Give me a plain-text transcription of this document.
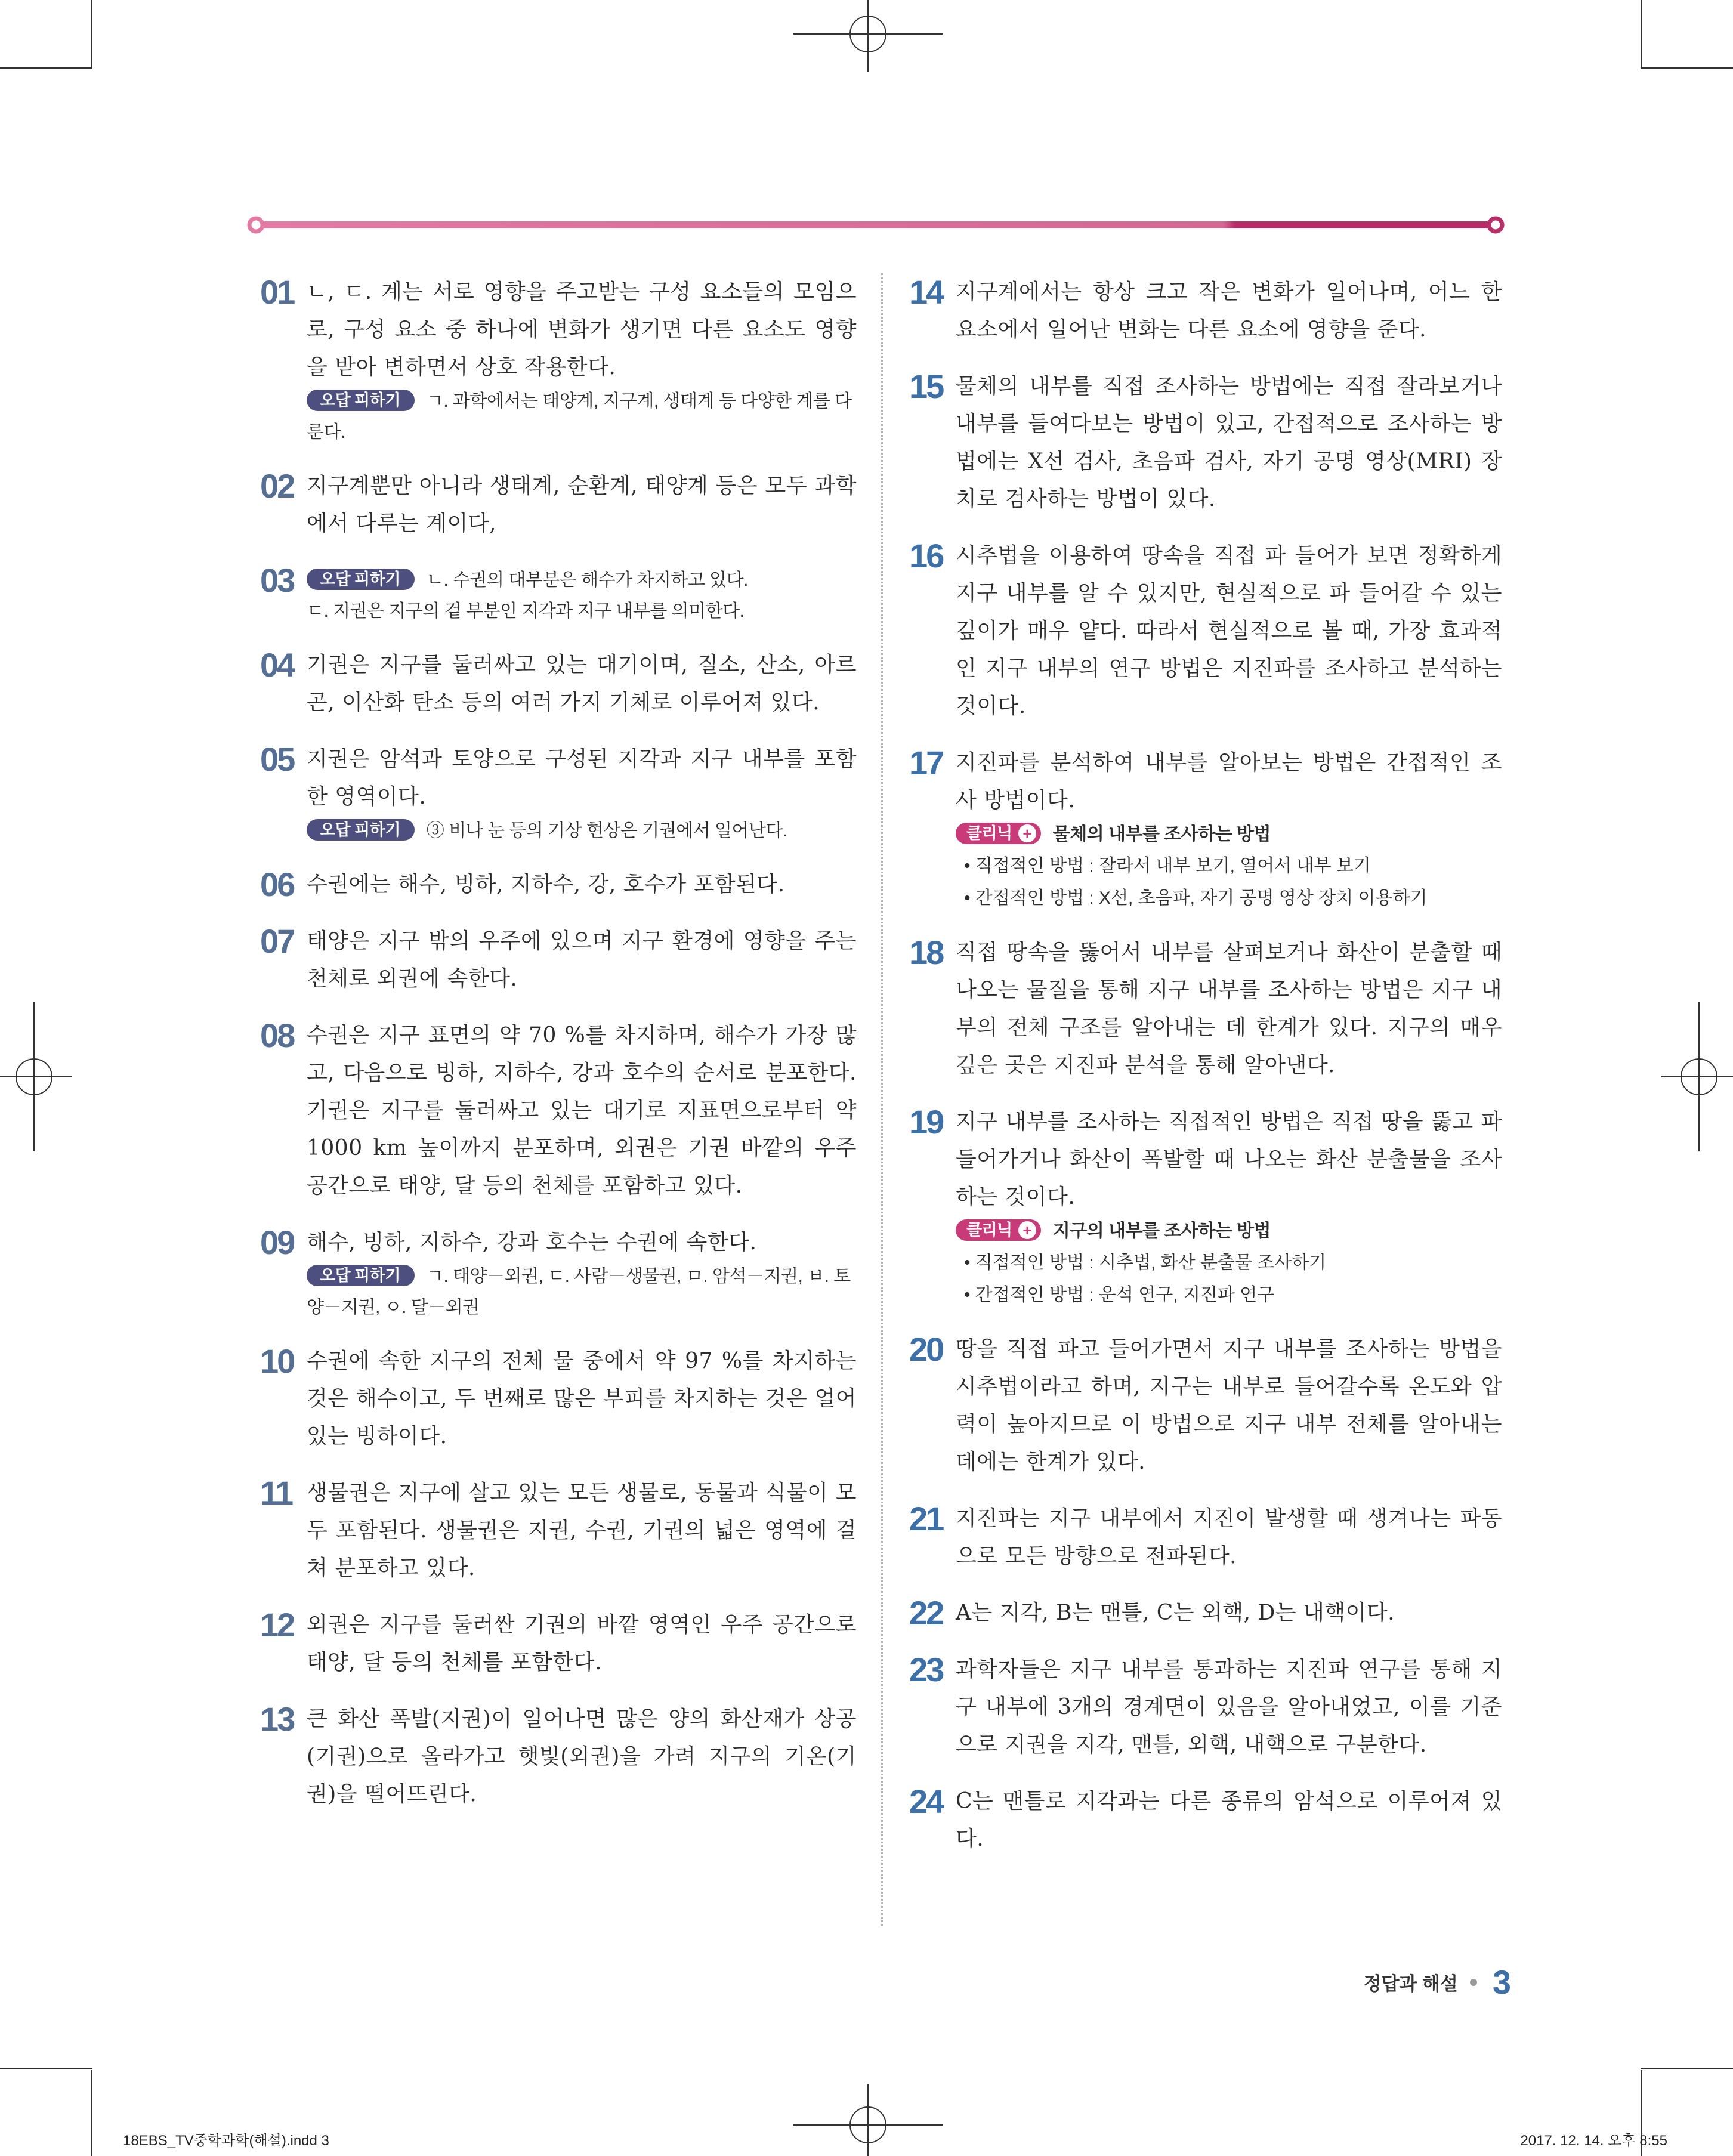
01 ㄴ, ㄷ. 계는 서로 영향을 주고받는 구성 요소들의 모임으로, 구성 요소 중 하나에 변화가 생기면 다른 요소도 영향을 받아 변하면서 상호 작용한다.
오답 피하기 ㄱ. 과학에서는 태양계, 지구계, 생태계 등 다양한 계를 다룬다.
02 지구계뿐만 아니라 생태계, 순환계, 태양계 등은 모두 과학에서 다루는 계이다,
03	오답 피하기 ㄴ. 수권의 대부분은 해수가 차지하고 있다.
ㄷ. 지권은 지구의 겉 부분인 지각과 지구 내부를 의미한다.
04 기권은 지구를 둘러싸고 있는 대기이며, 질소, 산소, 아르곤, 이산화 탄소 등의 여러 가지 기체로 이루어져 있다.
05 지권은 암석과 토양으로 구성된 지각과 지구 내부를 포함한 영역이다.
오답 피하기 ③ 비나 눈 등의 기상 현상은 기권에서 일어난다.
06 수권에는 해수, 빙하, 지하수, 강, 호수가 포함된다.
07 태양은 지구 밖의 우주에 있으며 지구 환경에 영향을 주는 천체로 외권에 속한다.
08 수권은 지구 표면의 약 70 %를 차지하며, 해수가 가장 많고, 다음으로 빙하, 지하수, 강과 호수의 순서로 분포한다. 기권은 지구를 둘러싸고 있는 대기로 지표면으로부터 약 1000 km 높이까지 분포하며, 외권은 기권 바깥의 우주 공간으로 태양, 달 등의 천체를 포함하고 있다.
09 해수, 빙하, 지하수, 강과 호수는 수권에 속한다.
오답 피하기 ㄱ. 태양－외권, ㄷ. 사람－생물권, ㅁ. 암석－지권, ㅂ. 토양－지권, ㅇ. 달－외권
10 수권에 속한 지구의 전체 물 중에서 약 97 %를 차지하는 것은 해수이고, 두 번째로 많은 부피를 차지하는 것은 얼어 있는 빙하이다.
11 생물권은 지구에 살고 있는 모든 생물로, 동물과 식물이 모두 포함된다. 생물권은 지권, 수권, 기권의 넓은 영역에 걸쳐 분포하고 있다.
12 외권은 지구를 둘러싼 기권의 바깥 영역인 우주 공간으로 태양, 달 등의 천체를 포함한다.
13 큰 화산 폭발(지권)이 일어나면 많은 양의 화산재가 상공(기권)으로 올라가고 햇빛(외권)을 가려 지구의 기온(기권)을 떨어뜨린다.
14 지구계에서는 항상 크고 작은 변화가 일어나며, 어느 한 요소에서 일어난 변화는 다른 요소에 영향을 준다.
15 물체의 내부를 직접 조사하는 방법에는 직접 잘라보거나 내부를 들여다보는 방법이 있고, 간접적으로 조사하는 방법에는 X선 검사, 초음파 검사, 자기 공명 영상(MRI) 장치로 검사하는 방법이 있다.
16 시추법을 이용하여 땅속을 직접 파 들어가 보면 정확하게 지구 내부를 알 수 있지만, 현실적으로 파 들어갈 수 있는 깊이가 매우 얕다. 따라서 현실적으로 볼 때, 가장 효과적인 지구 내부의 연구 방법은 지진파를 조사하고 분석하는 것이다.
17 지진파를 분석하여 내부를 알아보는 방법은 간접적인 조사 방법이다.
클리닉 + 물체의 내부를 조사하는 방법
• 직접적인 방법 : 잘라서 내부 보기, 열어서 내부 보기
• 간접적인 방법 : X선, 초음파, 자기 공명 영상 장치 이용하기
18 직접 땅속을 뚫어서 내부를 살펴보거나 화산이 분출할 때 나오는 물질을 통해 지구 내부를 조사하는 방법은 지구 내부의 전체 구조를 알아내는 데 한계가 있다. 지구의 매우 깊은 곳은 지진파 분석을 통해 알아낸다.
19 지구 내부를 조사하는 직접적인 방법은 직접 땅을 뚫고 파 들어가거나 화산이 폭발할 때 나오는 화산 분출물을 조사하는 것이다.
클리닉 + 지구의 내부를 조사하는 방법
• 직접적인 방법 : 시추법, 화산 분출물 조사하기
• 간접적인 방법 : 운석 연구, 지진파 연구
20 땅을 직접 파고 들어가면서 지구 내부를 조사하는 방법을 시추법이라고 하며, 지구는 내부로 들어갈수록 온도와 압력이 높아지므로 이 방법으로 지구 내부 전체를 알아내는 데에는 한계가 있다.
21 지진파는 지구 내부에서 지진이 발생할 때 생겨나는 파동으로 모든 방향으로 전파된다.
22 A는 지각, B는 맨틀, C는 외핵, D는 내핵이다.
23 과학자들은 지구 내부를 통과하는 지진파 연구를 통해 지구 내부에 3개의 경계면이 있음을 알아내었고, 이를 기준으로 지권을 지각, 맨틀, 외핵, 내핵으로 구분한다.
24 C는 맨틀로 지각과는 다른 종류의 암석으로 이루어져 있다.
정답과 해설 3
18EBS_TV중학과학(해설).indd 3	2017. 12. 14. 오후 8:55
